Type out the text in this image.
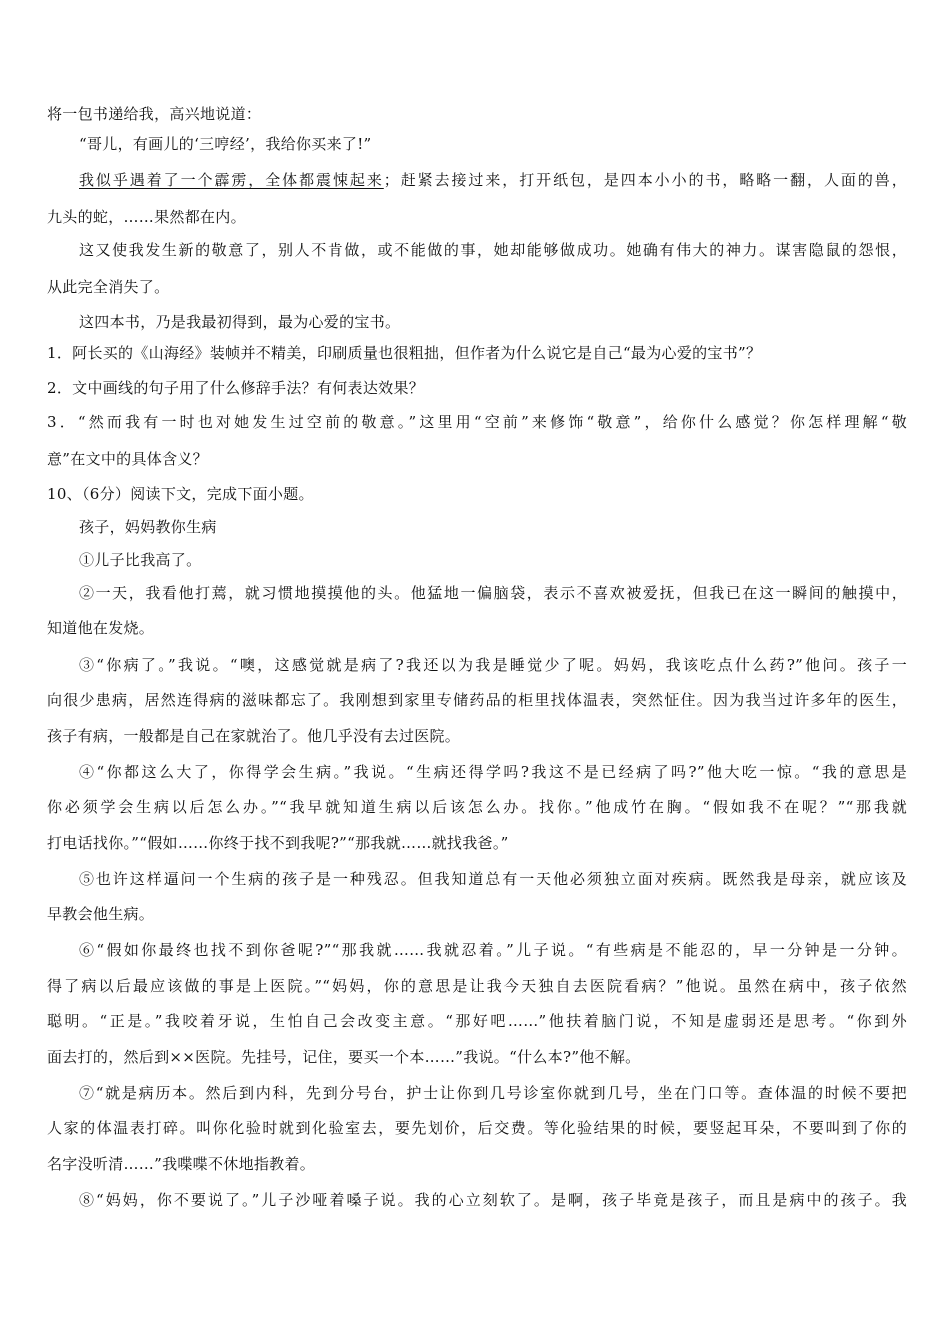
将一包书递给我，高兴地说道：
“哥儿，有画儿的‘三哼经’，我给你买来了!”
我似乎遇着了一个霹雳，全体都震悚起来；赶紧去接过来，打开纸包，是四本小小的书，略略一翻，人面的兽，
九头的蛇，……果然都在内。
这又使我发生新的敬意了，别人不肯做，或不能做的事，她却能够做成功。她确有伟大的神力。谋害隐鼠的怨恨，
从此完全消失了。
这四本书，乃是我最初得到，最为心爱的宝书。
1．阿长买的《山海经》装帧并不精美，印刷质量也很粗拙，但作者为什么说它是自己“最为心爱的宝书”？
2．文中画线的句子用了什么修辞手法？有何表达效果？
3．“然而我有一时也对她发生过空前的敬意。”这里用“空前”来修饰“敬意”，给你什么感觉？你怎样理解“敬
意”在文中的具体含义？
10、（6分）阅读下文，完成下面小题。
孩子，妈妈教你生病
①儿子比我高了。
②一天，我看他打蔫，就习惯地摸摸他的头。他猛地一偏脑袋，表示不喜欢被爱抚，但我已在这一瞬间的触摸中，
知道他在发烧。
③“你病了。”我说。“噢，这感觉就是病了?我还以为我是睡觉少了呢。妈妈，我该吃点什么药?”他问。孩子一
向很少患病，居然连得病的滋味都忘了。我刚想到家里专储药品的柜里找体温表，突然怔住。因为我当过许多年的医生，
孩子有病，一般都是自己在家就治了。他几乎没有去过医院。
④“你都这么大了，你得学会生病。”我说。“生病还得学吗?我这不是已经病了吗?”他大吃一惊。“我的意思是
你必须学会生病以后怎么办。”“我早就知道生病以后该怎么办。找你。”他成竹在胸。“假如我不在呢？”“那我就
打电话找你。”“假如……你终于找不到我呢?”“那我就……就找我爸。”
⑤也许这样逼问一个生病的孩子是一种残忍。但我知道总有一天他必须独立面对疾病。既然我是母亲，就应该及
早教会他生病。
⑥“假如你最终也找不到你爸呢?”“那我就……我就忍着。”儿子说。“有些病是不能忍的，早一分钟是一分钟。
得了病以后最应该做的事是上医院。”“妈妈，你的意思是让我今天独自去医院看病？”他说。虽然在病中，孩子依然
聪明。“正是。”我咬着牙说，生怕自己会改变主意。“那好吧……”他扶着脑门说，不知是虚弱还是思考。“你到外
面去打的，然后到××医院。先挂号，记住，要买一个本……”我说。“什么本?”他不解。
⑦“就是病历本。然后到内科，先到分号台，护士让你到几号诊室你就到几号，坐在门口等。查体温的时候不要把
人家的体温表打碎。叫你化验时就到化验室去，要先划价，后交费。等化验结果的时候，要竖起耳朵，不要叫到了你的
名字没听清……”我喋喋不休地指教着。
⑧“妈妈，你不要说了。”儿子沙哑着嗓子说。我的心立刻软了。是啊，孩子毕竟是孩子，而且是病中的孩子。我
